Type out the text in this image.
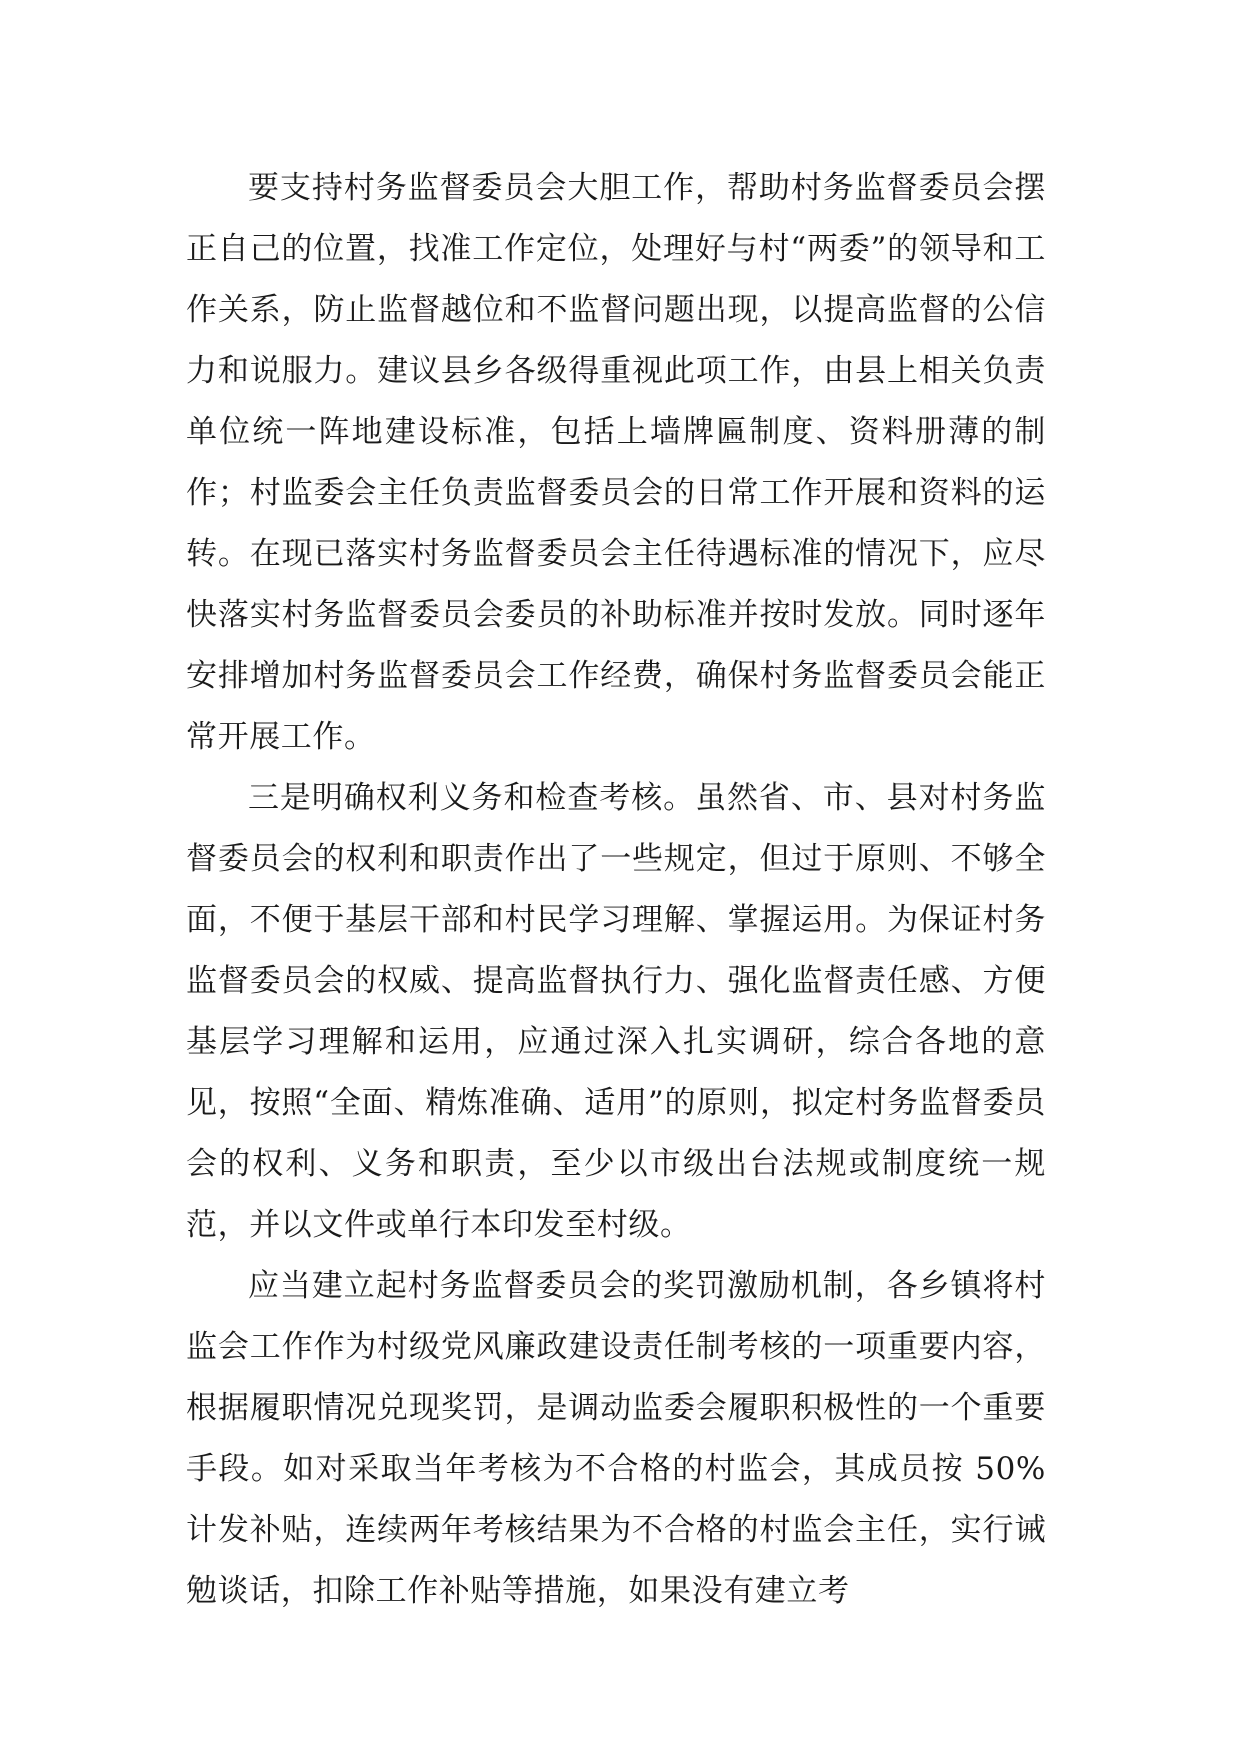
要支持村务监督委员会大胆工作，帮助村务监督委员会摆正自己的位置，找准工作定位，处理好与村“两委”的领导和工作关系，防止监督越位和不监督问题出现，以提高监督的公信力和说服力。建议县乡各级得重视此项工作，由县上相关负责单位统一阵地建设标准，包括上墙牌匾制度、资料册薄的制作；村监委会主任负责监督委员会的日常工作开展和资料的运转。在现已落实村务监督委员会主任待遇标准的情况下，应尽快落实村务监督委员会委员的补助标准并按时发放。同时逐年安排增加村务监督委员会工作经费，确保村务监督委员会能正常开展工作。

三是明确权利义务和检查考核。虽然省、市、县对村务监督委员会的权利和职责作出了一些规定，但过于原则、不够全面，不便于基层干部和村民学习理解、掌握运用。为保证村务监督委员会的权威、提高监督执行力、强化监督责任感、方便基层学习理解和运用，应通过深入扎实调研，综合各地的意见，按照“全面、精炼准确、适用”的原则，拟定村务监督委员会的权利、义务和职责，至少以市级出台法规或制度统一规范，并以文件或单行本印发至村级。

应当建立起村务监督委员会的奖罚激励机制，各乡镇将村监会工作作为村级党风廉政建设责任制考核的一项重要内容，根据履职情况兑现奖罚，是调动监委会履职积极性的一个重要手段。如对采取当年考核为不合格的村监会，其成员按 50%计发补贴，连续两年考核结果为不合格的村监会主任，实行诫勉谈话，扣除工作补贴等措施，如果没有建立考
